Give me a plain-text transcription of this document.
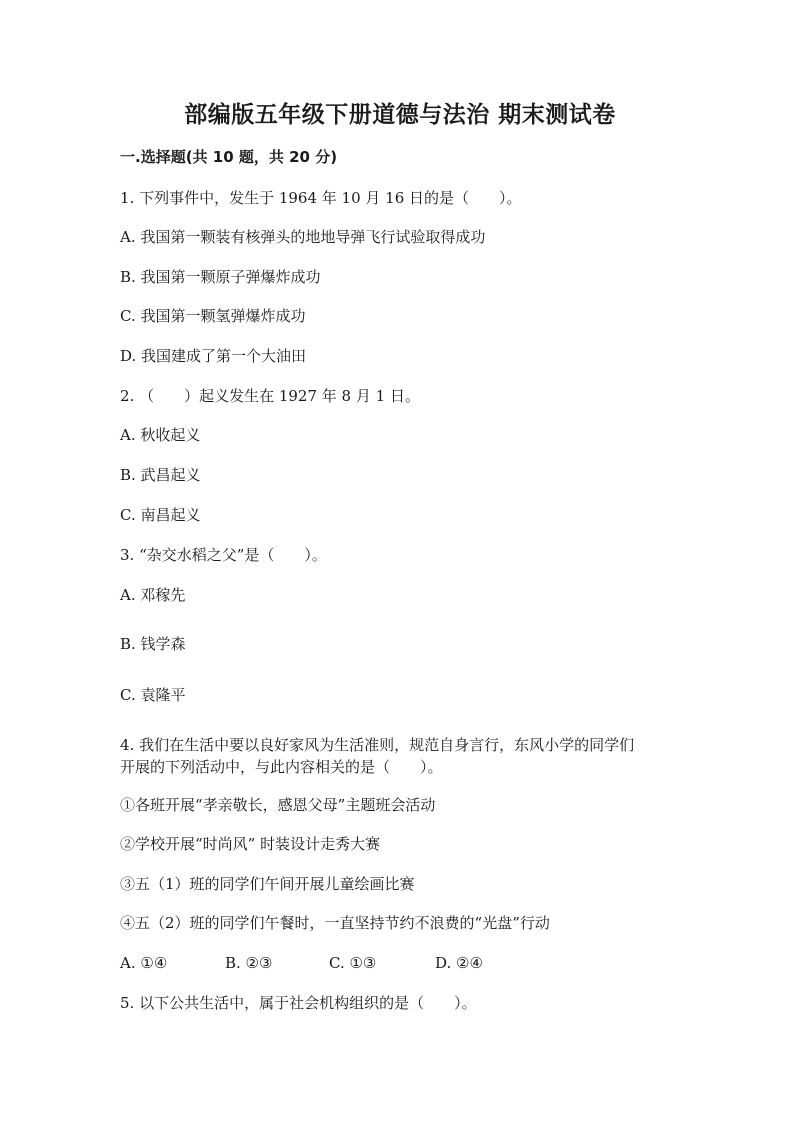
部编版五年级下册道德与法治 期末测试卷
一.选择题(共 10 题，共 20 分)
1. 下列事件中，发生于 1964 年 10 月 16 日的是（　　）。
A. 我国第一颗装有核弹头的地地导弹飞行试验取得成功
B. 我国第一颗原子弹爆炸成功
C. 我国第一颗氢弹爆炸成功
D. 我国建成了第一个大油田
2. （　　）起义发生在 1927 年 8 月 1 日。
A. 秋收起义
B. 武昌起义
C. 南昌起义
3. “杂交水稻之父”是（　　）。
A. 邓稼先
B. 钱学森
C. 袁隆平
4. 我们在生活中要以良好家风为生活准则，规范自身言行，东风小学的同学们
开展的下列活动中，与此内容相关的是（　　）。
①各班开展“孝亲敬长，感恩父母”主题班会活动
②学校开展“时尚风” 时装设计走秀大赛
③五（1）班的同学们午间开展儿童绘画比赛
④五（2）班的同学们午餐时，一直坚持节约不浪费的“光盘”行动
A. ①④	B. ②③	C. ①③	D. ②④
5. 以下公共生活中，属于社会机构组织的是（　　）。
